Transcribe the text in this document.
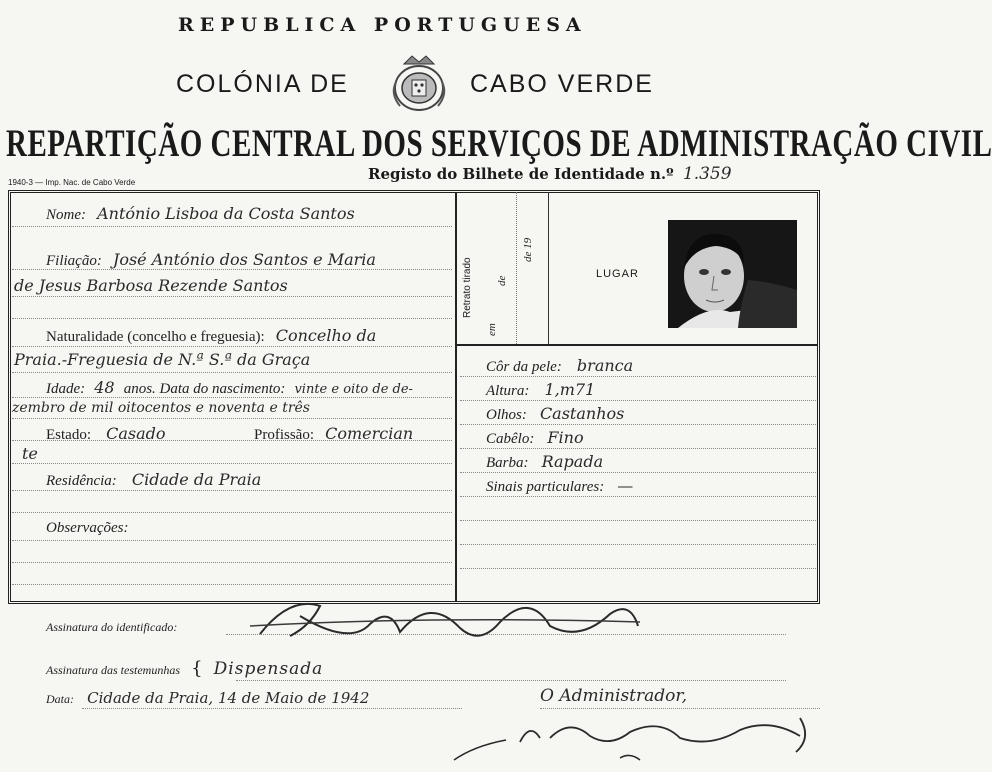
REPUBLICA PORTUGUESA
COLÓNIA DE	CABO VERDE
REPARTIÇÃO CENTRAL DOS SERVIÇOS DE ADMINISTRAÇÃO CIVIL
1940-3 — Imp. Nac. de Cabo Verde	Registo do Bilhete de Identidade n.º 1.359
Nome: António Lisboa da Costa Santos
Filiação: José António dos Santos e Maria
de Jesus Barbosa Rezende Santos
Naturalidade (concelho e freguesia): Concelho da
Praia.-Freguesia de N.ª S.ª da Graça
Idade: 48 anos. Data do nascimento: vinte e oito de de-
zembro de mil oitocentos e noventa e três
Estado: Casado	Profissão: Comercian
te
Residência: Cidade da Praia
Observações:
Retrato tirado
em
de
de 19
LUGAR
Côr da pele: branca
Altura: 1,m71
Olhos: Castanhos
Cabêlo: Fino
Barba: Rapada
Sinais particulares: —
Assinatura do identificado:
Assinatura das testemunhas { Dispensada
Data: Cidade da Praia, 14 de Maio de 1942	O Administrador,
